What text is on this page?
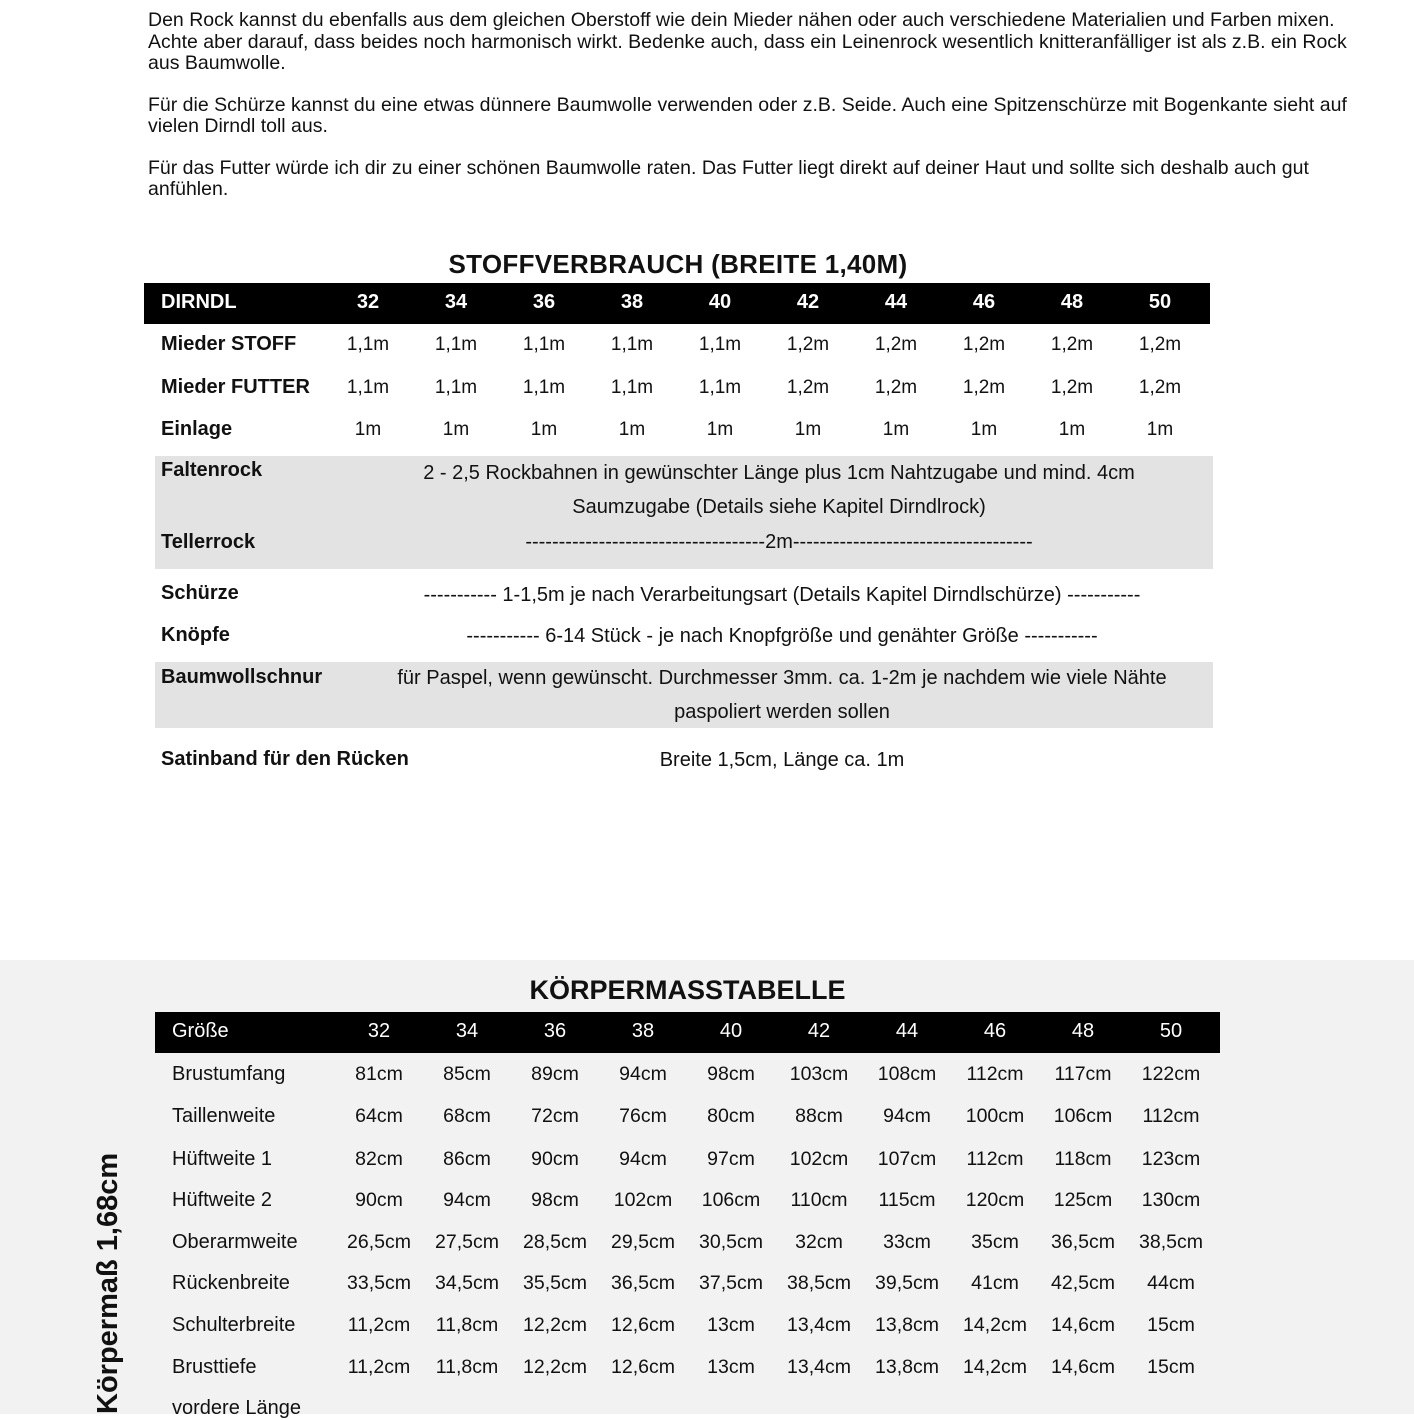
Den Rock kannst du ebenfalls aus dem gleichen Oberstoff wie dein Mieder nähen oder auch verschiedene Materialien und Farben mixen. Achte aber darauf, dass beides noch harmonisch wirkt. Bedenke auch, dass ein Leinenrock wesentlich knitteranfälliger ist als z.B. ein Rock aus Baumwolle.

Für die Schürze kannst du eine etwas dünnere Baumwolle verwenden oder z.B. Seide. Auch eine Spitzenschürze mit Bogenkante sieht auf vielen Dirndl toll aus.

Für das Futter würde ich dir zu einer schönen Baumwolle raten. Das Futter liegt direkt auf deiner Haut und sollte sich deshalb auch gut anfühlen.

STOFFVERBRAUCH (BREITE 1,40M)
DIRNDL	32	34	36	38	40	42	44	46	48	50
Mieder STOFF	1,1m	1,1m	1,1m	1,1m	1,1m	1,2m	1,2m	1,2m	1,2m	1,2m
Mieder FUTTER	1,1m	1,1m	1,1m	1,1m	1,1m	1,2m	1,2m	1,2m	1,2m	1,2m
Einlage	1m	1m	1m	1m	1m	1m	1m	1m	1m	1m
Faltenrock	2 - 2,5 Rockbahnen in gewünschter Länge plus 1cm Nahtzugabe und mind. 4cm
Saumzugabe (Details siehe Kapitel Dirndlrock)
Tellerrock	------------------------------------2m------------------------------------
Schürze	----------- 1-1,5m je nach Verarbeitungsart (Details Kapitel Dirndlschürze) -----------
Knöpfe	----------- 6-14 Stück - je nach Knopfgröße und genähter Größe -----------
Baumwollschnur	für Paspel, wenn gewünscht. Durchmesser 3mm. ca. 1-2m je nachdem wie viele Nähte
paspoliert werden sollen
Satinband für den Rücken	Breite 1,5cm, Länge ca. 1m
KÖRPERMASSTABELLE
Größe	32	34	36	38	40	42	44	46	48	50
Brustumfang	81cm	85cm	89cm	94cm	98cm	103cm	108cm	112cm	117cm	122cm
Taillenweite	64cm	68cm	72cm	76cm	80cm	88cm	94cm	100cm	106cm	112cm
Hüftweite 1	82cm	86cm	90cm	94cm	97cm	102cm	107cm	112cm	118cm	123cm
Hüftweite 2	90cm	94cm	98cm	102cm	106cm	110cm	115cm	120cm	125cm	130cm
Oberarmweite	26,5cm	27,5cm	28,5cm	29,5cm	30,5cm	32cm	33cm	35cm	36,5cm	38,5cm
Rückenbreite	33,5cm	34,5cm	35,5cm	36,5cm	37,5cm	38,5cm	39,5cm	41cm	42,5cm	44cm
Schulterbreite	11,2cm	11,8cm	12,2cm	12,6cm	13cm	13,4cm	13,8cm	14,2cm	14,6cm	15cm
Brusttiefe	11,2cm	11,8cm	12,2cm	12,6cm	13cm	13,4cm	13,8cm	14,2cm	14,6cm	15cm
vordere Länge
Körpermaß 1,68cm
